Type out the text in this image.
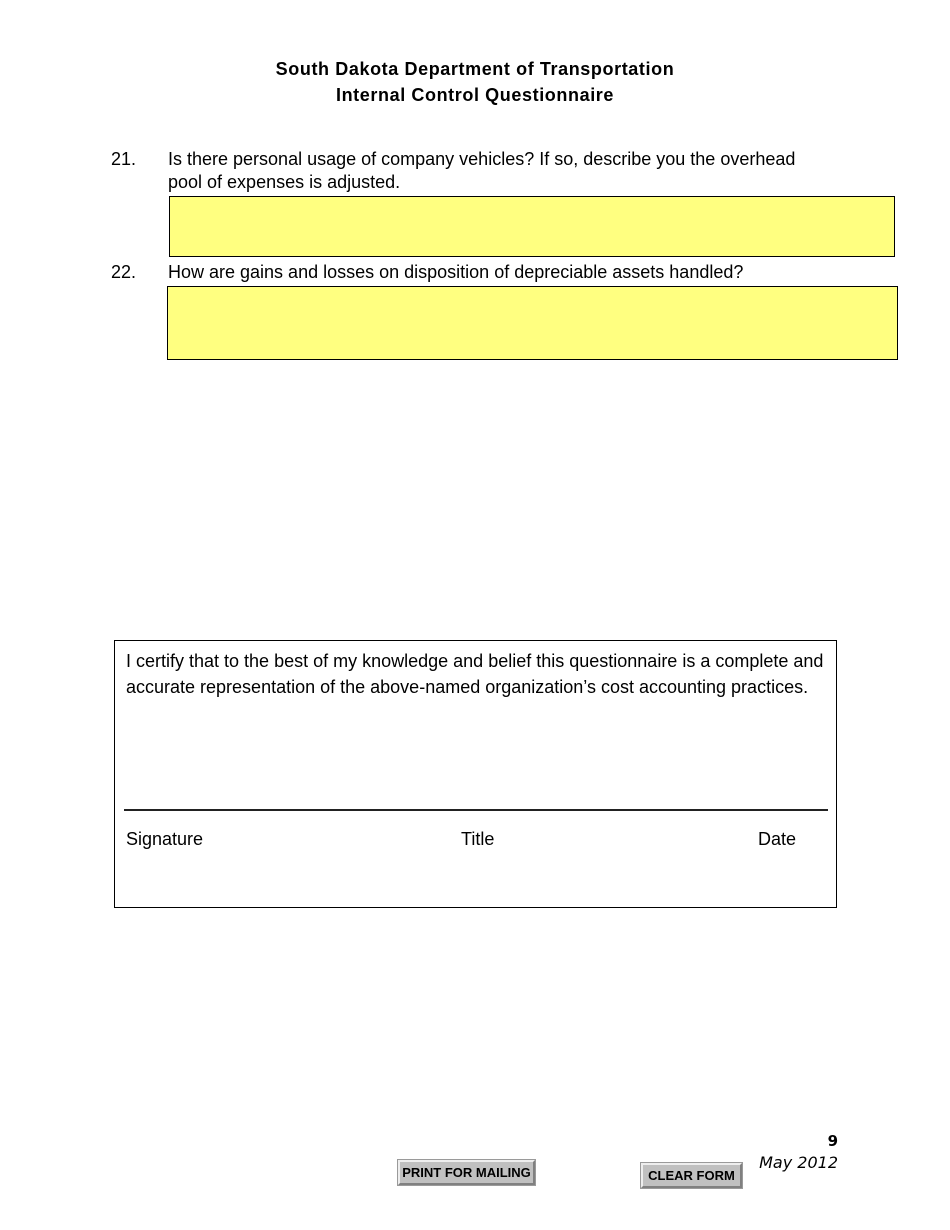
South Dakota Department of Transportation
Internal Control Questionnaire
21. Is there personal usage of company vehicles? If so, describe you the overhead
pool of expenses is adjusted.
22. How are gains and losses on disposition of depreciable assets handled?
I certify that to the best of my knowledge and belief this questionnaire is a complete and accurate representation of the above-named organization’s cost accounting practices.
Signature	Title	Date
9
May 2012
PRINT FOR MAILING	CLEAR FORM
